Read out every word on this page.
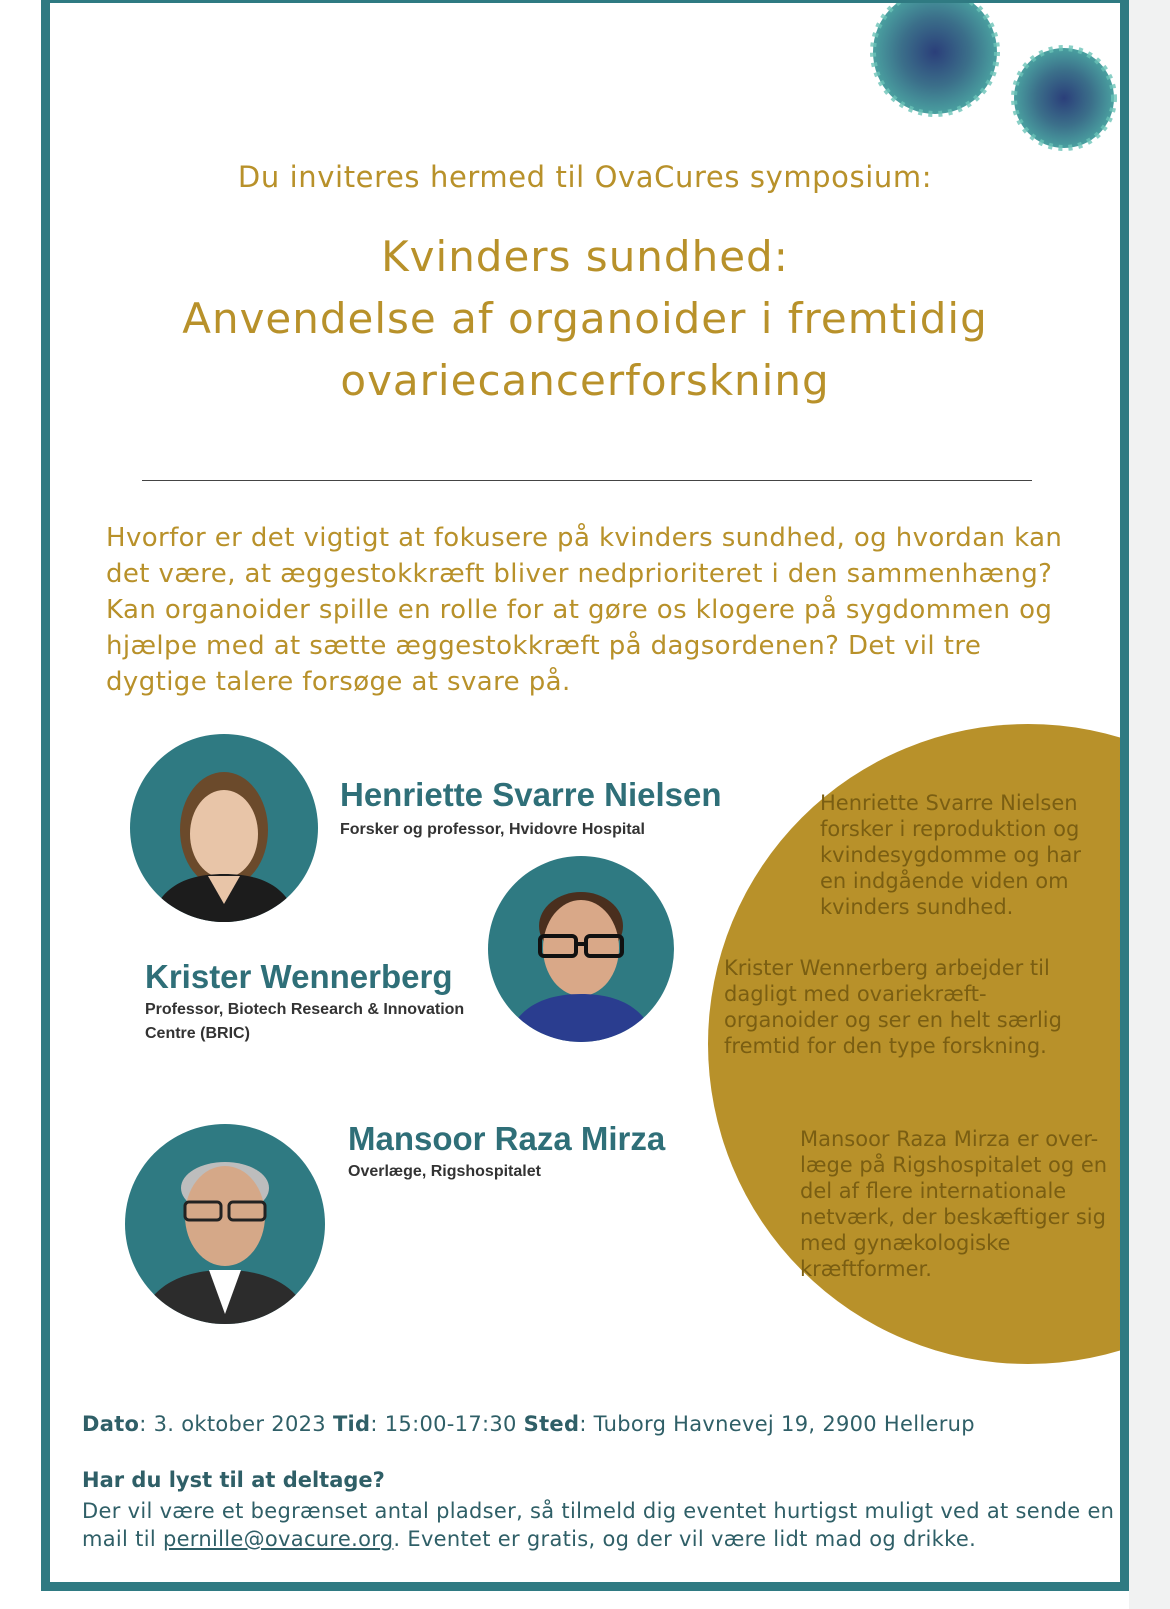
Du inviteres hermed til OvaCures symposium:
Kvinders sundhed:
Anvendelse af organoider i fremtidig
ovariecancerforskning
Hvorfor er det vigtigt at fokusere på kvinders sundhed, og hvordan kan det være, at æggestokkræft bliver nedprioriteret i den sammenhæng? Kan organoider spille en rolle for at gøre os klogere på sygdommen og hjælpe med at sætte æggestokkræft på dagsordenen? Det vil tre dygtige talere forsøge at svare på.
Henriette Svarre Nielsen
Forsker og professor, Hvidovre Hospital
Henriette Svarre Nielsen forsker i reproduktion og kvindesygdomme og har en indgående viden om kvinders sundhed.
Krister Wennerberg
Professor, Biotech Research & Innovation
Centre (BRIC)
Krister Wennerberg arbejder til dagligt med ovariekræft-organoider og ser en helt særlig fremtid for den type forskning.
Mansoor Raza Mirza
Overlæge, Rigshospitalet
Mansoor Raza Mirza er over-læge på Rigshospitalet og en del af flere internationale netværk, der beskæftiger sig med gynækologiske kræftformer.
Dato: 3. oktober 2023 Tid: 15:00-17:30 Sted: Tuborg Havnevej 19, 2900 Hellerup
Har du lyst til at deltage?
Der vil være et begrænset antal pladser, så tilmeld dig eventet hurtigst muligt ved at sende en mail til pernille@ovacure.org. Eventet er gratis, og der vil være lidt mad og drikke.
